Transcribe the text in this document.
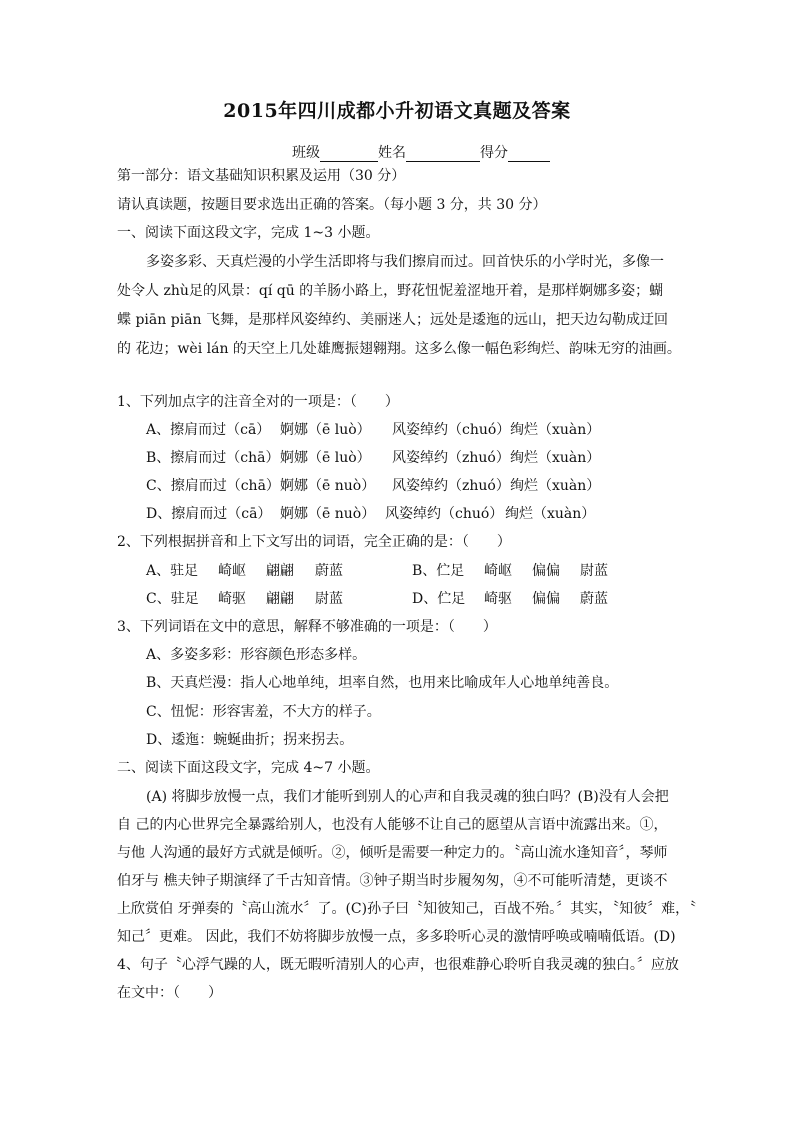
2015年四川成都小升初语文真题及答案
班级	姓名	得分
第一部分：语文基础知识积累及运用（30 分）
请认真读题，按题目要求选出正确的答案。（每小题 3 分，共 30 分）
一、阅读下面这段文字，完成 1~3 小题。
多姿多彩、天真烂漫的小学生活即将与我们擦肩而过。回首快乐的小学时光，多像一
处令人 zhù足的风景：qí qū 的羊肠小路上，野花忸怩羞涩地开着，是那样婀娜多姿；蝴
蝶 piān piān 飞舞，是那样风姿绰约、美丽迷人；远处是逶迤的远山，把天边勾勒成迂回
的 花边；wèi lán 的天空上几处雄鹰振翅翱翔。这多么像一幅色彩绚烂、韵味无穷的油画。
1、下列加点字的注音全对的一项是：（　　）
A、擦肩而过（cā） 婀娜（ē luò） 风姿绰约（chuó） 绚烂（xuàn）
B、擦肩而过（chā） 婀娜（ē luò） 风姿绰约（zhuó） 绚烂（xuàn）
C、擦肩而过（chā） 婀娜（ē nuò） 风姿绰约（zhuó） 绚烂（xuàn）
D、擦肩而过（cā） 婀娜（ē nuò） 风姿绰约（chuó） 绚烂（xuàn）
2、下列根据拼音和上下文写出的词语，完全正确的是：（　　）
A、驻足 崎岖 翩翩 蔚蓝	B、伫足 崎岖 偏偏 尉蓝
C、驻足 崎驱 翩翩 尉蓝	D、伫足 崎驱 偏偏 蔚蓝
3、下列词语在文中的意思，解释不够准确的一项是：（　　）
A、多姿多彩：形容颜色形态多样。
B、天真烂漫：指人心地单纯，坦率自然，也用来比喻成年人心地单纯善良。
C、忸怩：形容害羞，不大方的样子。
D、逶迤：蜿蜒曲折；拐来拐去。
二、阅读下面这段文字，完成 4~7 小题。
(A) 将脚步放慢一点，我们才能听到别人的心声和自我灵魂的独白吗？(B)没有人会把
自 己的内心世界完全暴露给别人，也没有人能够不让自己的愿望从言语中流露出来。①，
与他 人沟通的最好方式就是倾听。②，倾听是需要一种定力的。〝高山流水逢知音〞，琴师
伯牙与 樵夫钟子期演绎了千古知音情。③钟子期当时步履匆匆，④不可能听清楚，更谈不
上欣赏伯 牙弹奏的〝高山流水〞了。(C)孙子曰〝知彼知己，百战不殆。〞其实，〝知彼〞难，〝
知己〞更难。 因此，我们不妨将脚步放慢一点，多多聆听心灵的激情呼唤或喃喃低语。(D)
4、句子〝心浮气躁的人，既无暇听清别人的心声，也很难静心聆听自我灵魂的独白。〞应放
在文中：（　　）
